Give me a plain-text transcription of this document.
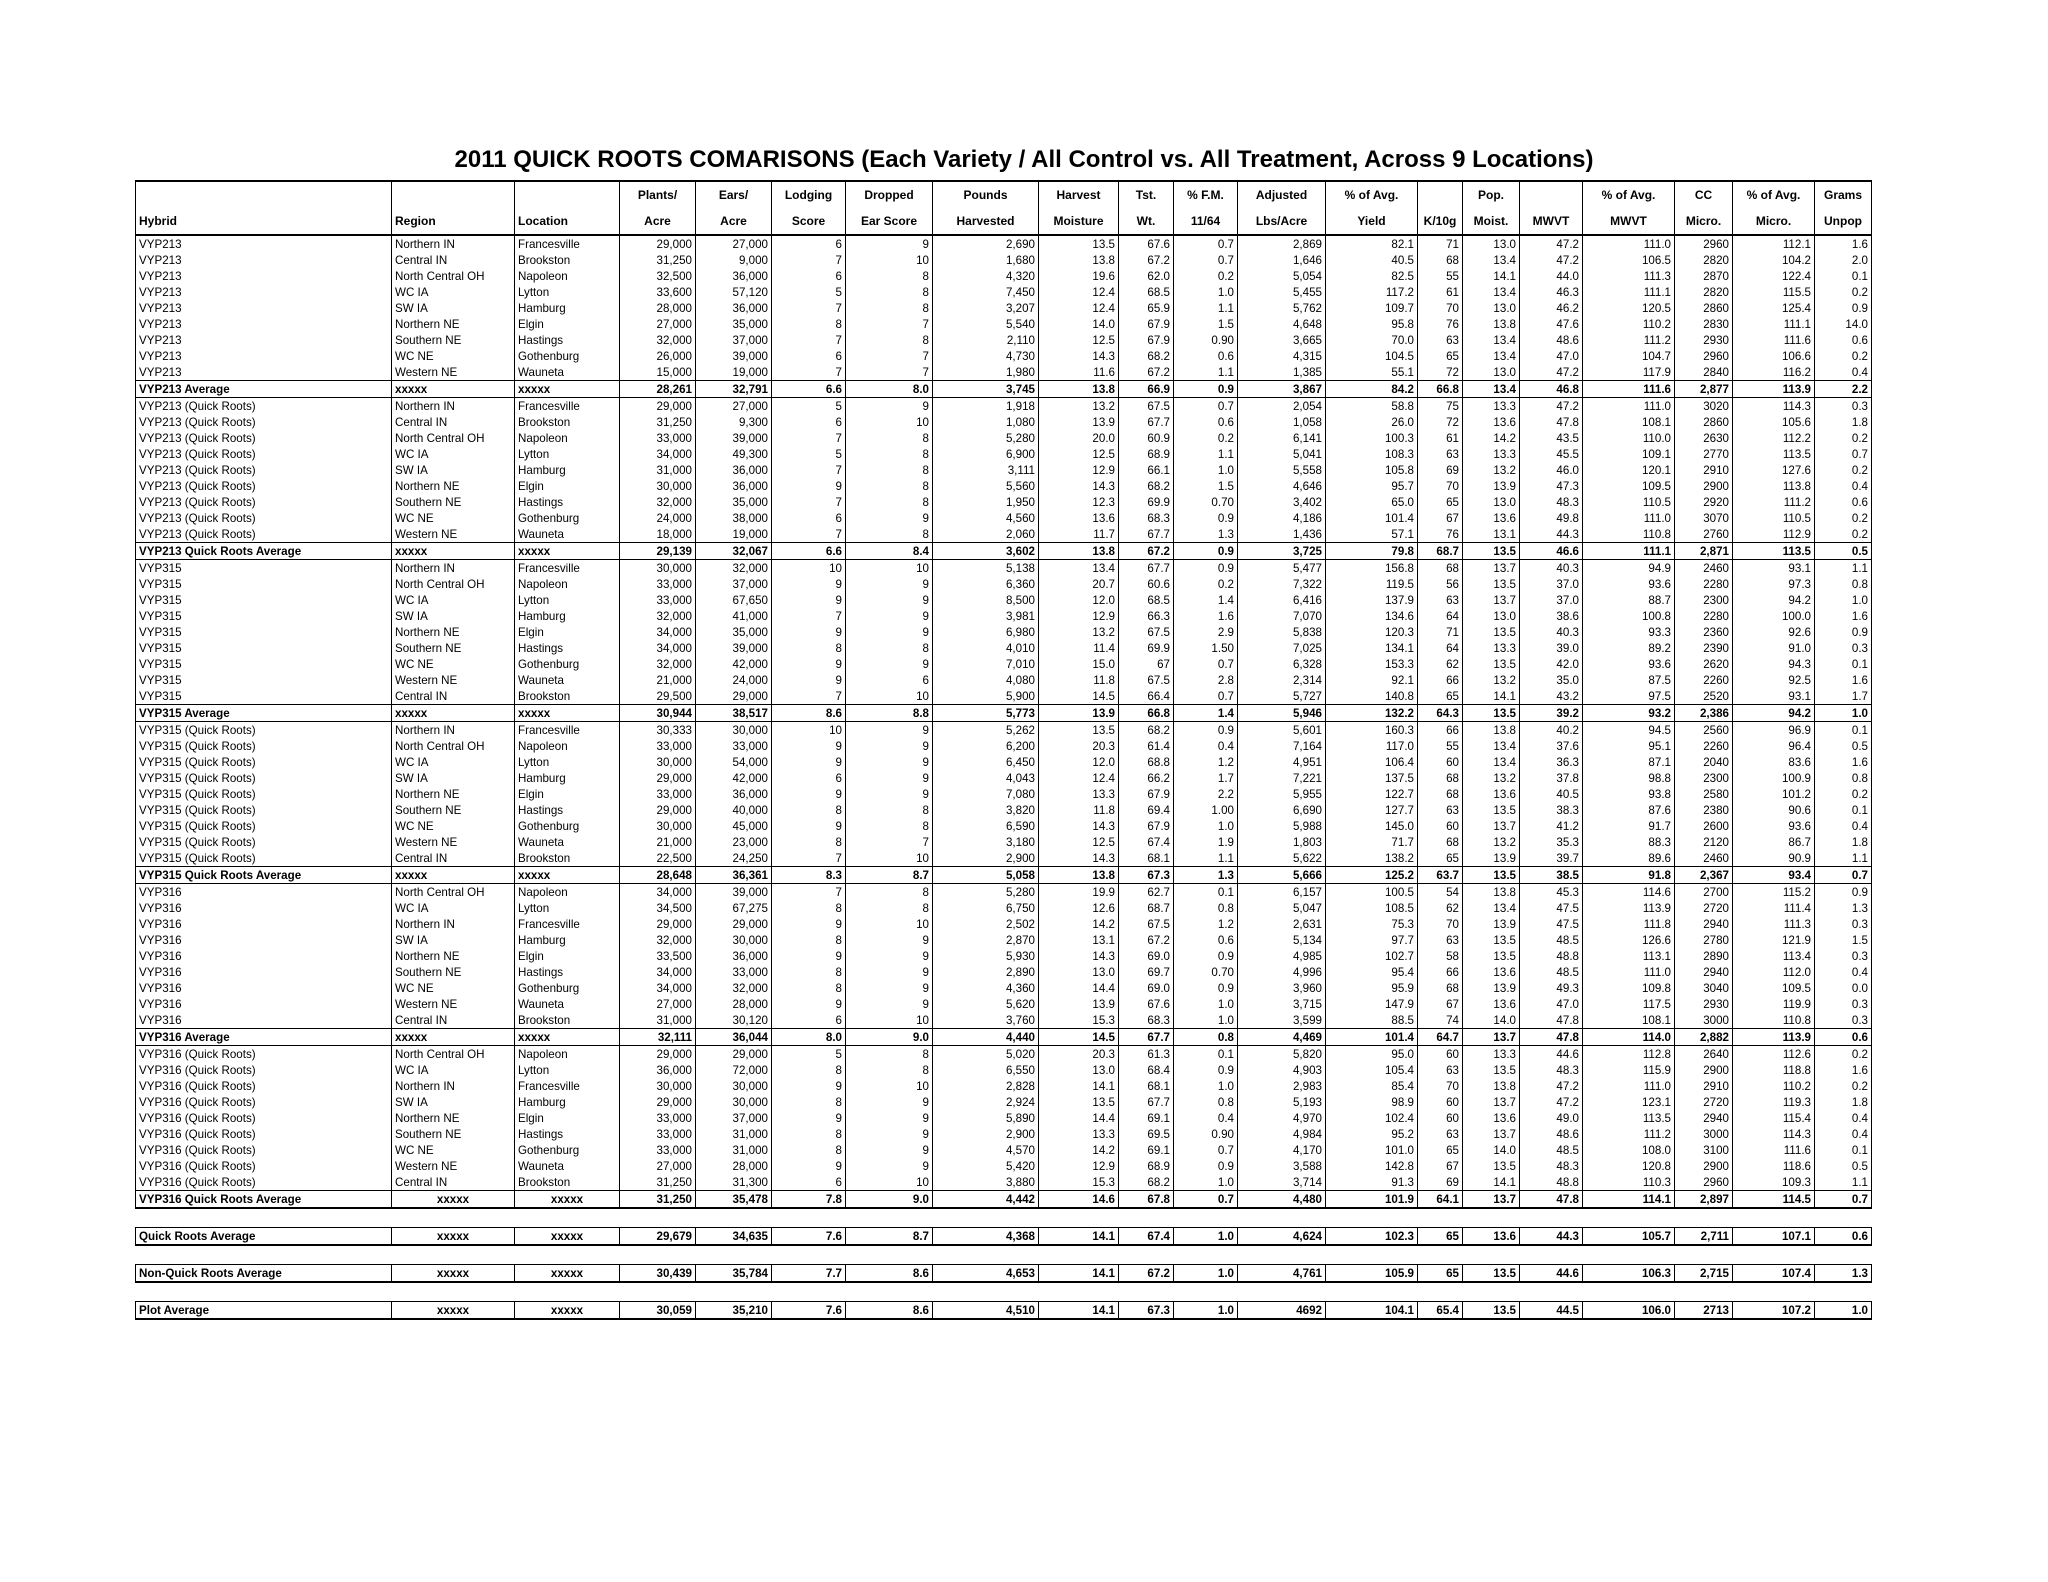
2011 QUICK ROOTS COMARISONS (Each Variety / All Control vs. All Treatment, Across 9 Locations)
			Plants/	Ears/	Lodging	Dropped	Pounds	Harvest	Tst.	% F.M.	Adjusted	% of Avg.		Pop.		% of Avg.	CC	% of Avg.	Grams
Hybrid	Region	Location	Acre	Acre	Score	Ear Score	Harvested	Moisture	Wt.	11/64	Lbs/Acre	Yield	K/10g	Moist.	MWVT	MWVT	Micro.	Micro.	Unpop
VYP213	Northern IN	Francesville	29,000	27,000	6	9	2,690	13.5	67.6	0.7	2,869	82.1	71	13.0	47.2	111.0	2960	112.1	1.6
VYP213	Central IN	Brookston	31,250	9,000	7	10	1,680	13.8	67.2	0.7	1,646	40.5	68	13.4	47.2	106.5	2820	104.2	2.0
VYP213	North Central OH	Napoleon	32,500	36,000	6	8	4,320	19.6	62.0	0.2	5,054	82.5	55	14.1	44.0	111.3	2870	122.4	0.1
VYP213	WC IA	Lytton	33,600	57,120	5	8	7,450	12.4	68.5	1.0	5,455	117.2	61	13.4	46.3	111.1	2820	115.5	0.2
VYP213	SW IA	Hamburg	28,000	36,000	7	8	3,207	12.4	65.9	1.1	5,762	109.7	70	13.0	46.2	120.5	2860	125.4	0.9
VYP213	Northern NE	Elgin	27,000	35,000	8	7	5,540	14.0	67.9	1.5	4,648	95.8	76	13.8	47.6	110.2	2830	111.1	14.0
VYP213	Southern NE	Hastings	32,000	37,000	7	8	2,110	12.5	67.9	0.90	3,665	70.0	63	13.4	48.6	111.2	2930	111.6	0.6
VYP213	WC NE	Gothenburg	26,000	39,000	6	7	4,730	14.3	68.2	0.6	4,315	104.5	65	13.4	47.0	104.7	2960	106.6	0.2
VYP213	Western NE	Wauneta	15,000	19,000	7	7	1,980	11.6	67.2	1.1	1,385	55.1	72	13.0	47.2	117.9	2840	116.2	0.4
VYP213 Average	xxxxx	xxxxx	28,261	32,791	6.6	8.0	3,745	13.8	66.9	0.9	3,867	84.2	66.8	13.4	46.8	111.6	2,877	113.9	2.2
VYP213 (Quick Roots)	Northern IN	Francesville	29,000	27,000	5	9	1,918	13.2	67.5	0.7	2,054	58.8	75	13.3	47.2	111.0	3020	114.3	0.3
VYP213 (Quick Roots)	Central IN	Brookston	31,250	9,300	6	10	1,080	13.9	67.7	0.6	1,058	26.0	72	13.6	47.8	108.1	2860	105.6	1.8
VYP213 (Quick Roots)	North Central OH	Napoleon	33,000	39,000	7	8	5,280	20.0	60.9	0.2	6,141	100.3	61	14.2	43.5	110.0	2630	112.2	0.2
VYP213 (Quick Roots)	WC IA	Lytton	34,000	49,300	5	8	6,900	12.5	68.9	1.1	5,041	108.3	63	13.3	45.5	109.1	2770	113.5	0.7
VYP213 (Quick Roots)	SW IA	Hamburg	31,000	36,000	7	8	3,111	12.9	66.1	1.0	5,558	105.8	69	13.2	46.0	120.1	2910	127.6	0.2
VYP213 (Quick Roots)	Northern NE	Elgin	30,000	36,000	9	8	5,560	14.3	68.2	1.5	4,646	95.7	70	13.9	47.3	109.5	2900	113.8	0.4
VYP213 (Quick Roots)	Southern NE	Hastings	32,000	35,000	7	8	1,950	12.3	69.9	0.70	3,402	65.0	65	13.0	48.3	110.5	2920	111.2	0.6
VYP213 (Quick Roots)	WC NE	Gothenburg	24,000	38,000	6	9	4,560	13.6	68.3	0.9	4,186	101.4	67	13.6	49.8	111.0	3070	110.5	0.2
VYP213 (Quick Roots)	Western NE	Wauneta	18,000	19,000	7	8	2,060	11.7	67.7	1.3	1,436	57.1	76	13.1	44.3	110.8	2760	112.9	0.2
VYP213 Quick Roots Average	xxxxx	xxxxx	29,139	32,067	6.6	8.4	3,602	13.8	67.2	0.9	3,725	79.8	68.7	13.5	46.6	111.1	2,871	113.5	0.5
VYP315	Northern IN	Francesville	30,000	32,000	10	10	5,138	13.4	67.7	0.9	5,477	156.8	68	13.7	40.3	94.9	2460	93.1	1.1
VYP315	North Central OH	Napoleon	33,000	37,000	9	9	6,360	20.7	60.6	0.2	7,322	119.5	56	13.5	37.0	93.6	2280	97.3	0.8
VYP315	WC IA	Lytton	33,000	67,650	9	9	8,500	12.0	68.5	1.4	6,416	137.9	63	13.7	37.0	88.7	2300	94.2	1.0
VYP315	SW IA	Hamburg	32,000	41,000	7	9	3,981	12.9	66.3	1.6	7,070	134.6	64	13.0	38.6	100.8	2280	100.0	1.6
VYP315	Northern NE	Elgin	34,000	35,000	9	9	6,980	13.2	67.5	2.9	5,838	120.3	71	13.5	40.3	93.3	2360	92.6	0.9
VYP315	Southern NE	Hastings	34,000	39,000	8	8	4,010	11.4	69.9	1.50	7,025	134.1	64	13.3	39.0	89.2	2390	91.0	0.3
VYP315	WC NE	Gothenburg	32,000	42,000	9	9	7,010	15.0	67	0.7	6,328	153.3	62	13.5	42.0	93.6	2620	94.3	0.1
VYP315	Western NE	Wauneta	21,000	24,000	9	6	4,080	11.8	67.5	2.8	2,314	92.1	66	13.2	35.0	87.5	2260	92.5	1.6
VYP315	Central IN	Brookston	29,500	29,000	7	10	5,900	14.5	66.4	0.7	5,727	140.8	65	14.1	43.2	97.5	2520	93.1	1.7
VYP315 Average	xxxxx	xxxxx	30,944	38,517	8.6	8.8	5,773	13.9	66.8	1.4	5,946	132.2	64.3	13.5	39.2	93.2	2,386	94.2	1.0
VYP315 (Quick Roots)	Northern IN	Francesville	30,333	30,000	10	9	5,262	13.5	68.2	0.9	5,601	160.3	66	13.8	40.2	94.5	2560	96.9	0.1
VYP315 (Quick Roots)	North Central OH	Napoleon	33,000	33,000	9	9	6,200	20.3	61.4	0.4	7,164	117.0	55	13.4	37.6	95.1	2260	96.4	0.5
VYP315 (Quick Roots)	WC IA	Lytton	30,000	54,000	9	9	6,450	12.0	68.8	1.2	4,951	106.4	60	13.4	36.3	87.1	2040	83.6	1.6
VYP315 (Quick Roots)	SW IA	Hamburg	29,000	42,000	6	9	4,043	12.4	66.2	1.7	7,221	137.5	68	13.2	37.8	98.8	2300	100.9	0.8
VYP315 (Quick Roots)	Northern NE	Elgin	33,000	36,000	9	9	7,080	13.3	67.9	2.2	5,955	122.7	68	13.6	40.5	93.8	2580	101.2	0.2
VYP315 (Quick Roots)	Southern NE	Hastings	29,000	40,000	8	8	3,820	11.8	69.4	1.00	6,690	127.7	63	13.5	38.3	87.6	2380	90.6	0.1
VYP315 (Quick Roots)	WC NE	Gothenburg	30,000	45,000	9	8	6,590	14.3	67.9	1.0	5,988	145.0	60	13.7	41.2	91.7	2600	93.6	0.4
VYP315 (Quick Roots)	Western NE	Wauneta	21,000	23,000	8	7	3,180	12.5	67.4	1.9	1,803	71.7	68	13.2	35.3	88.3	2120	86.7	1.8
VYP315 (Quick Roots)	Central IN	Brookston	22,500	24,250	7	10	2,900	14.3	68.1	1.1	5,622	138.2	65	13.9	39.7	89.6	2460	90.9	1.1
VYP315 Quick Roots Average	xxxxx	xxxxx	28,648	36,361	8.3	8.7	5,058	13.8	67.3	1.3	5,666	125.2	63.7	13.5	38.5	91.8	2,367	93.4	0.7
VYP316	North Central OH	Napoleon	34,000	39,000	7	8	5,280	19.9	62.7	0.1	6,157	100.5	54	13.8	45.3	114.6	2700	115.2	0.9
VYP316	WC IA	Lytton	34,500	67,275	8	8	6,750	12.6	68.7	0.8	5,047	108.5	62	13.4	47.5	113.9	2720	111.4	1.3
VYP316	Northern IN	Francesville	29,000	29,000	9	10	2,502	14.2	67.5	1.2	2,631	75.3	70	13.9	47.5	111.8	2940	111.3	0.3
VYP316	SW IA	Hamburg	32,000	30,000	8	9	2,870	13.1	67.2	0.6	5,134	97.7	63	13.5	48.5	126.6	2780	121.9	1.5
VYP316	Northern NE	Elgin	33,500	36,000	9	9	5,930	14.3	69.0	0.9	4,985	102.7	58	13.5	48.8	113.1	2890	113.4	0.3
VYP316	Southern NE	Hastings	34,000	33,000	8	9	2,890	13.0	69.7	0.70	4,996	95.4	66	13.6	48.5	111.0	2940	112.0	0.4
VYP316	WC NE	Gothenburg	34,000	32,000	8	9	4,360	14.4	69.0	0.9	3,960	95.9	68	13.9	49.3	109.8	3040	109.5	0.0
VYP316	Western NE	Wauneta	27,000	28,000	9	9	5,620	13.9	67.6	1.0	3,715	147.9	67	13.6	47.0	117.5	2930	119.9	0.3
VYP316	Central IN	Brookston	31,000	30,120	6	10	3,760	15.3	68.3	1.0	3,599	88.5	74	14.0	47.8	108.1	3000	110.8	0.3
VYP316 Average	xxxxx	xxxxx	32,111	36,044	8.0	9.0	4,440	14.5	67.7	0.8	4,469	101.4	64.7	13.7	47.8	114.0	2,882	113.9	0.6
VYP316 (Quick Roots)	North Central OH	Napoleon	29,000	29,000	5	8	5,020	20.3	61.3	0.1	5,820	95.0	60	13.3	44.6	112.8	2640	112.6	0.2
VYP316 (Quick Roots)	WC IA	Lytton	36,000	72,000	8	8	6,550	13.0	68.4	0.9	4,903	105.4	63	13.5	48.3	115.9	2900	118.8	1.6
VYP316 (Quick Roots)	Northern IN	Francesville	30,000	30,000	9	10	2,828	14.1	68.1	1.0	2,983	85.4	70	13.8	47.2	111.0	2910	110.2	0.2
VYP316 (Quick Roots)	SW IA	Hamburg	29,000	30,000	8	9	2,924	13.5	67.7	0.8	5,193	98.9	60	13.7	47.2	123.1	2720	119.3	1.8
VYP316 (Quick Roots)	Northern NE	Elgin	33,000	37,000	9	9	5,890	14.4	69.1	0.4	4,970	102.4	60	13.6	49.0	113.5	2940	115.4	0.4
VYP316 (Quick Roots)	Southern NE	Hastings	33,000	31,000	8	9	2,900	13.3	69.5	0.90	4,984	95.2	63	13.7	48.6	111.2	3000	114.3	0.4
VYP316 (Quick Roots)	WC NE	Gothenburg	33,000	31,000	8	9	4,570	14.2	69.1	0.7	4,170	101.0	65	14.0	48.5	108.0	3100	111.6	0.1
VYP316 (Quick Roots)	Western NE	Wauneta	27,000	28,000	9	9	5,420	12.9	68.9	0.9	3,588	142.8	67	13.5	48.3	120.8	2900	118.6	0.5
VYP316 (Quick Roots)	Central IN	Brookston	31,250	31,300	6	10	3,880	15.3	68.2	1.0	3,714	91.3	69	14.1	48.8	110.3	2960	109.3	1.1
VYP316 Quick Roots Average	xxxxx	xxxxx	31,250	35,478	7.8	9.0	4,442	14.6	67.8	0.7	4,480	101.9	64.1	13.7	47.8	114.1	2,897	114.5	0.7

Quick Roots Average	xxxxx	xxxxx	29,679	34,635	7.6	8.7	4,368	14.1	67.4	1.0	4,624	102.3	65	13.6	44.3	105.7	2,711	107.1	0.6

Non-Quick Roots Average	xxxxx	xxxxx	30,439	35,784	7.7	8.6	4,653	14.1	67.2	1.0	4,761	105.9	65	13.5	44.6	106.3	2,715	107.4	1.3

Plot Average	xxxxx	xxxxx	30,059	35,210	7.6	8.6	4,510	14.1	67.3	1.0	4692	104.1	65.4	13.5	44.5	106.0	2713	107.2	1.0
